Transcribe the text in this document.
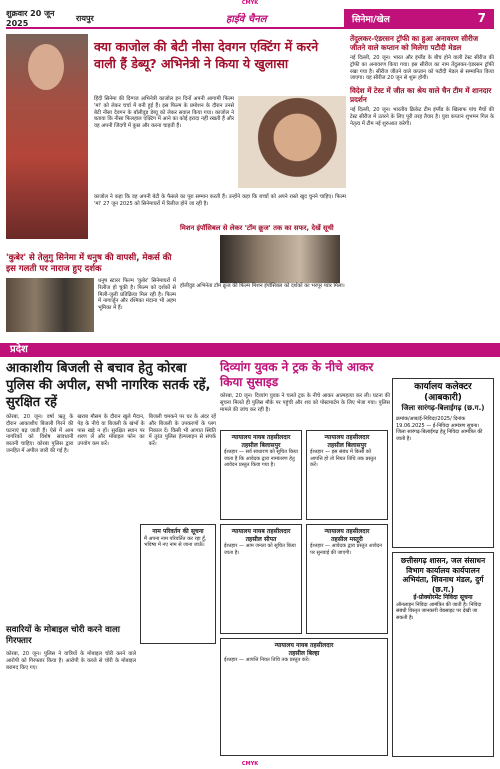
CMYK
शुक्रवार 20 जून 2025
रायपुर	हाईवे चैनल	सिनेमा/खेल	7
क्या काजोल की बेटी नीसा देवगन एक्टिंग में करने वाली हैं डेब्यू? अभिनेत्री ने किया ये खुलासा
हिंदी सिनेमा की दिग्गज अभिनेत्री काजोल इन दिनों अपनी आगामी फिल्म 'मां' को लेकर चर्चा में बनी हुई हैं। इस फिल्म के प्रमोशन के दौरान उनसे बेटी नीसा देवगन के बॉलीवुड डेब्यू को लेकर सवाल किया गया। काजोल ने बताया कि नीसा फिलहाल एक्टिंग में आने का कोई इरादा नहीं रखती हैं और वह अपनी जिंदगी में कुछ और करना चाहती हैं।
काजोल ने कहा कि वह अपनी बेटी के फैसले का पूरा सम्मान करती हैं। उन्होंने कहा कि बच्चों को अपने रास्ते खुद चुनने चाहिए। फिल्म 'मां' 27 जून 2025 को सिनेमाघरों में रिलीज होने जा रही है।
तेंदुलकर-एंडरसन ट्रॉफी का हुआ अनावरण सीरीज जीतने वाले कप्तान को मिलेगा पटौदी मेडल
नई दिल्ली, 20 जून। भारत और इंग्लैंड के बीच होने वाली टेस्ट सीरीज की ट्रॉफी का अनावरण किया गया। इस सीरीज का नाम तेंदुलकर-एंडरसन ट्रॉफी रखा गया है। सीरीज जीतने वाले कप्तान को पटौदी मेडल से सम्मानित किया जाएगा। यह सीरीज 20 जून से शुरू होगी।
विदेश में टेस्ट में जीत का श्रेय वाले चैन टीम में शानदार प्रदर्शन
नई दिल्ली, 20 जून। भारतीय क्रिकेट टीम इंग्लैंड के खिलाफ पांच मैचों की टेस्ट सीरीज में उतरने के लिए पूरी तरह तैयार है। युवा कप्तान शुभमन गिल के नेतृत्व में टीम नई शुरुआत करेगी।
'कुबेर' से तेलुगु सिनेमा में धनुष की वापसी, मेकर्स की इस गलती पर नाराज हुए दर्शक
धनुष स्टारर फिल्म 'कुबेर' सिनेमाघरों में रिलीज हो चुकी है। फिल्म को दर्शकों से मिली-जुली प्रतिक्रिया मिल रही है। फिल्म में नागार्जुन और रश्मिका मंदाना भी अहम भूमिका में हैं।
मिशन इंपॉसिबल से लेकर 'टॉम क्रूज' तक का सफर, देखें सूची
हॉलीवुड अभिनेता टॉम क्रूज की फिल्म मिशन इंपॉसिबल को दर्शकों का भरपूर प्यार मिला।
प्रदेश
आकाशीय बिजली से बचाव हेतु कोरबा पुलिस की अपील, सभी नागरिक सतर्क रहें, सुरक्षित रहें
कोरबा, 20 जून। वर्षा ऋतु के दौरान आकाशीय बिजली गिरने की घटनाएं बढ़ जाती हैं। ऐसे में आम नागरिकों को विशेष सावधानी बरतनी चाहिए। कोरबा पुलिस द्वारा जनहित में अपील जारी की गई है।
खराब मौसम के दौरान खुले मैदान, पेड़ के नीचे या बिजली के खंभों के पास खड़े न हों। सुरक्षित स्थान पर शरण लें और मोबाइल फोन का उपयोग कम करें।
बिजली चमकने पर घर के अंदर रहें और बिजली के उपकरणों के प्लग निकाल दें। किसी भी आपात स्थिति में तुरंत पुलिस हेल्पलाइन से संपर्क करें।
सवारियों के मोबाइल चोरी करने वाला गिरफ्तार
कोरबा, 20 जून। पुलिस ने यात्रियों के मोबाइल चोरी करने वाले आरोपी को गिरफ्तार किया है। आरोपी के कब्जे से चोरी के मोबाइल बरामद किए गए।
दिव्यांग युवक ने ट्रक के नीचे आकर किया सुसाइड
कोरबा, 20 जून। दिव्यांग युवक ने चलते ट्रक के नीचे आकर आत्महत्या कर ली। घटना की सूचना मिलते ही पुलिस मौके पर पहुंची और शव को पोस्टमार्टम के लिए भेजा गया। पुलिस मामले की जांच कर रही है।
न्यायालय नायब तहसीलदार
तहसील बिलासपुर
ईश्तहार — सर्व साधारण को सूचित किया जाता है कि आवेदक द्वारा नामांतरण हेतु आवेदन प्रस्तुत किया गया है।
न्यायालय तहसीलदार
तहसील बिलासपुर
ईश्तहार — इस संबंध में किसी को आपत्ति हो तो नियत तिथि तक प्रस्तुत करें।
नाम परिवर्तन की सूचना
मैं अपना नाम परिवर्तित कर रहा हूँ, भविष्य में नए नाम से जाना जाऊँ।
न्यायालय नायब तहसीलदार
तहसील सीपत
ईश्तहार — आम जनता को सूचित किया जाता है।
न्यायालय तहसीलदार
तहसील मस्तूरी
ईश्तहार — आवेदक द्वारा प्रस्तुत आवेदन पर सुनवाई की जाएगी।
न्यायालय नायब तहसीलदार
तहसील बिल्हा
ईश्तहार — आपत्ति नियत तिथि तक प्रस्तुत करें।
कार्यालय कलेक्टर (आबकारी)
जिला सारंगढ़-बिलाईगढ़ (छ.ग.)
क्रमांक/आब/ई-निविदा/2025/ दिनांक 19.06.2025 — ई-निविदा आमंत्रण सूचना। जिला सारंगढ़-बिलाईगढ़ हेतु निविदा आमंत्रित की जाती है।
छत्तीसगढ़ शासन, जल संसाधन विभाग कार्यालय कार्यपालन अभियंता, शिवनाथ मंडल, दुर्ग (छ.ग.)
ई-प्रोक्योरमेंट निविदा सूचना
ऑनलाइन निविदा आमंत्रित की जाती है। निविदा संबंधी विस्तृत जानकारी वेबसाइट पर देखी जा सकती है।
CMYK
